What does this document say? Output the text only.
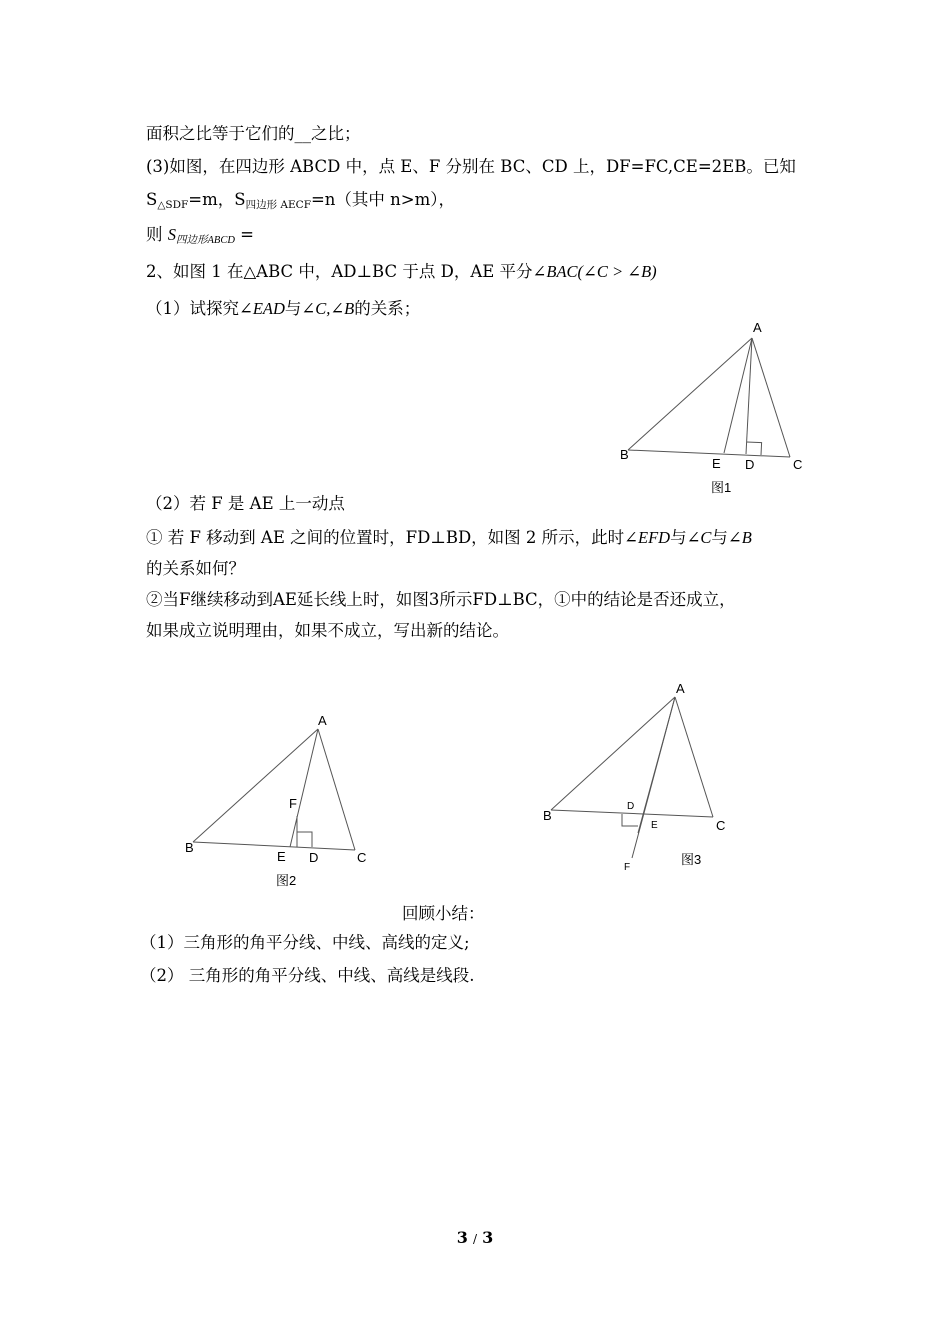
面积之比等于它们的__之比；
(3)如图，在四边形 ABCD 中，点 E、F 分别在 BC、CD 上，DF=FC,CE=2EB。已知
$S_{\triangle SDF}=m$，$S_{四边形 AECF}=n$（其中 n>m），
则 $S_{四边形ABCD}$ =
2、如图 1 在△ABC 中，AD⊥BC 于点 D，AE 平分∠BAC(∠C > ∠B)
（1）试探究∠EAD与∠C,∠B的关系；
（2）若 F 是 AE 上一动点
① 若 F 移动到 AE 之间的位置时，FD⊥BD，如图 2 所示，此时∠EFD与∠C与∠B
的关系如何？
②当F继续移动到AE延长线上时，如图3所示FD⊥BC，①中的结论是否还成立，
如果成立说明理由，如果不成立，写出新的结论。
A
B
C
D
E
图1
A
B
C
D
E
F
图2
A
B
C
D
E
F
图3
回顾小结：
（1）三角形的角平分线、中线、高线的定义;
（2） 三角形的角平分线、中线、高线是线段.
3 / 3
